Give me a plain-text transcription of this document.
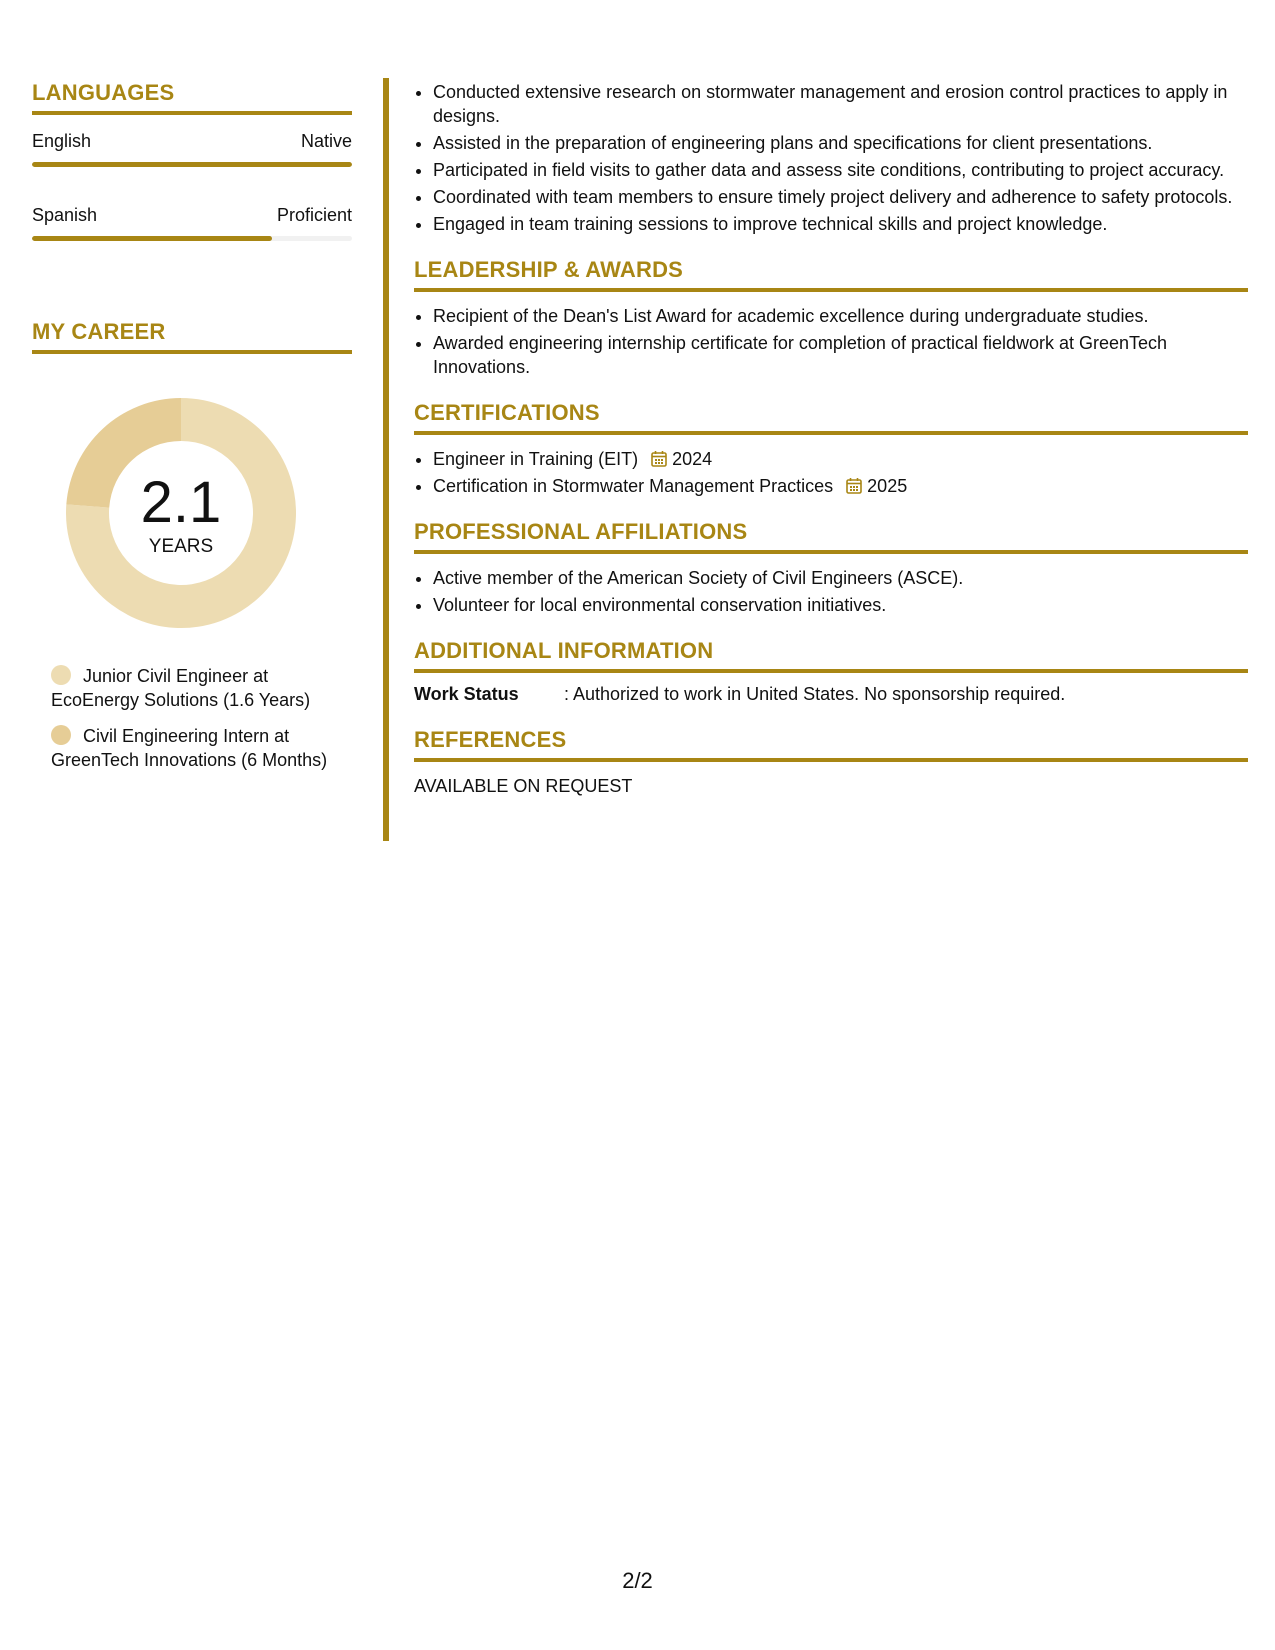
LANGUAGES
English	Native
Spanish	Proficient
MY CAREER
2.1
YEARS
Junior Civil Engineer at EcoEnergy Solutions (1.6 Years)
Civil Engineering Intern at GreenTech Innovations (6 Months)
• Conducted extensive research on stormwater management and erosion control practices to apply in designs.
• Assisted in the preparation of engineering plans and specifications for client presentations.
• Participated in field visits to gather data and assess site conditions, contributing to project accuracy.
• Coordinated with team members to ensure timely project delivery and adherence to safety protocols.
• Engaged in team training sessions to improve technical skills and project knowledge.
LEADERSHIP & AWARDS
• Recipient of the Dean's List Award for academic excellence during undergraduate studies.
• Awarded engineering internship certificate for completion of practical fieldwork at GreenTech Innovations.
CERTIFICATIONS
• Engineer in Training (EIT) 2024
• Certification in Stormwater Management Practices 2025
PROFESSIONAL AFFILIATIONS
• Active member of the American Society of Civil Engineers (ASCE).
• Volunteer for local environmental conservation initiatives.
ADDITIONAL INFORMATION
Work Status	: Authorized to work in United States. No sponsorship required.
REFERENCES
AVAILABLE ON REQUEST
2/2
